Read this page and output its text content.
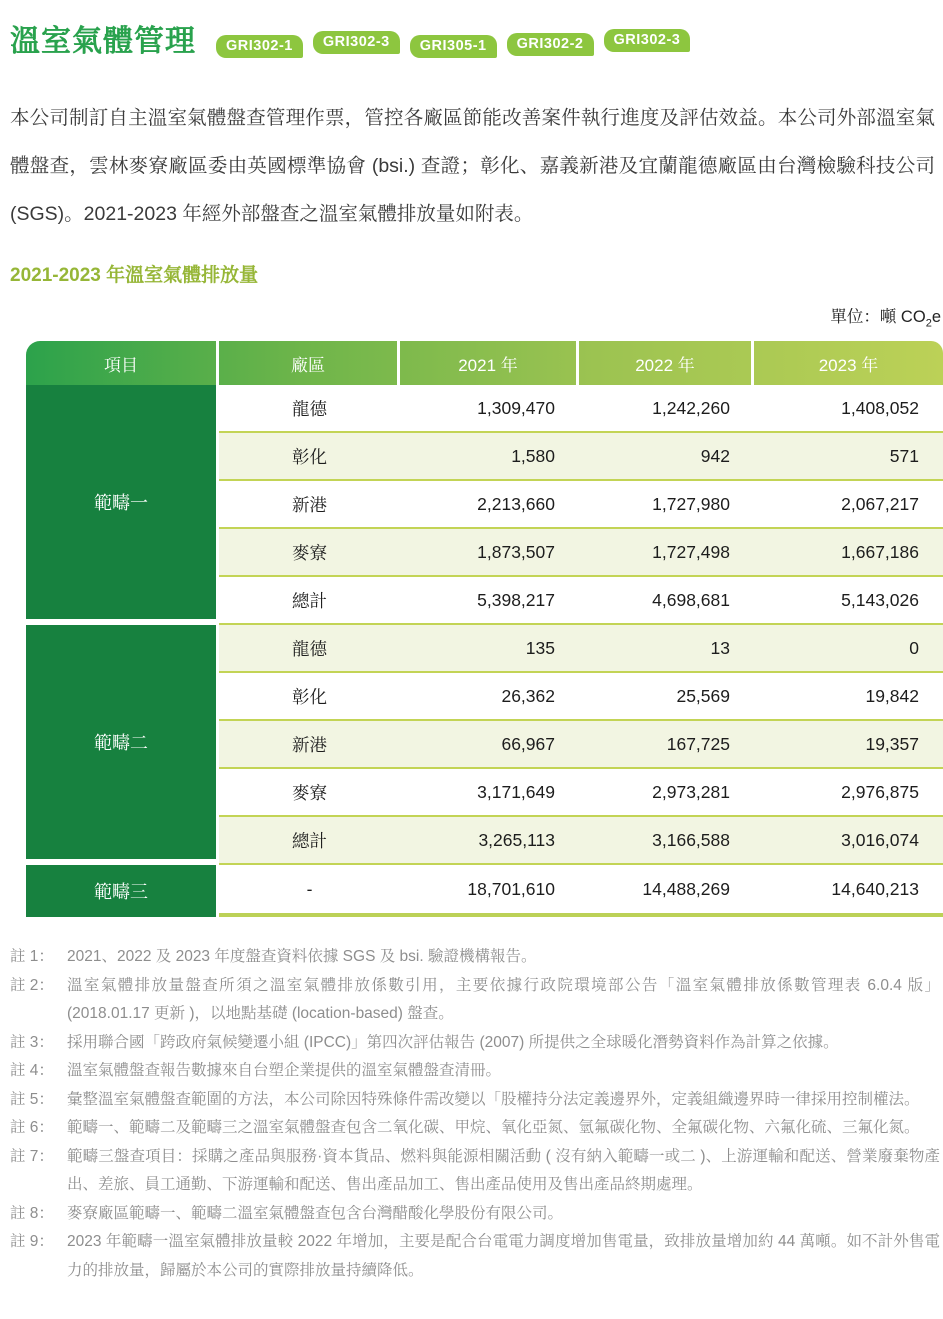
溫室氣體管理	GRI302-1	GRI302-3	GRI305-1	GRI302-2	GRI302-3

本公司制訂自主溫室氣體盤查管理作票，管控各廠區節能改善案件執行進度及評估效益。本公司外部溫室氣體盤查，雲林麥寮廠區委由英國標準協會 (bsi.) 查證；彰化、嘉義新港及宜蘭龍德廠區由台灣檢驗科技公司 (SGS)。2021-2023 年經外部盤查之溫室氣體排放量如附表。

2021-2023 年溫室氣體排放量
單位：噸 $CO_2e$
項目	廠區	2021 年	2022 年	2023 年
範疇一
龍德	1,309,470	1,242,260	1,408,052
彰化	1,580	942	571
新港	2,213,660	1,727,980	2,067,217
麥寮	1,873,507	1,727,498	1,667,186
總計	5,398,217	4,698,681	5,143,026
範疇二
龍德	135	13	0
彰化	26,362	25,569	19,842
新港	66,967	167,725	19,357
麥寮	3,171,649	2,973,281	2,976,875
總計	3,265,113	3,166,588	3,016,074
範疇三	-	18,701,610	14,488,269	14,640,213
註 1： 2021、2022 及 2023 年度盤查資料依據 SGS 及 bsi. 驗證機構報告。
註 2： 溫室氣體排放量盤查所須之溫室氣體排放係數引用，主要依據行政院環境部公告「溫室氣體排放係數管理表 6.0.4 版」(2018.01.17 更新 )，以地點基礎 (location-based) 盤查。
註 3： 採用聯合國「跨政府氣候變遷小組 (IPCC)」第四次評估報告 (2007) 所提供之全球暖化潛勢資料作為計算之依據。
註 4： 溫室氣體盤查報告數據來自台塑企業提供的溫室氣體盤查清冊。
註 5： 彙整溫室氣體盤查範圍的方法，本公司除因特殊條件需改變以「股權持分法定義邊界外，定義組織邊界時一律採用控制權法。
註 6： 範疇一、範疇二及範疇三之溫室氣體盤查包含二氧化碳、甲烷、氧化亞氮、氫氟碳化物、全氟碳化物、六氟化硫、三氟化氮。
註 7： 範疇三盤查項目：採購之產品與服務·資本貨品、燃料與能源相關活動 ( 沒有納入範疇一或二 )、上游運輸和配送、營業廢棄物產出、差旅、員工通勤、下游運輸和配送、售出產品加工、售出產品使用及售出產品終期處理。
註 8： 麥寮廠區範疇一、範疇二溫室氣體盤查包含台灣醋酸化學股份有限公司。
註 9： 2023 年範疇一溫室氣體排放量較 2022 年增加，主要是配合台電電力調度增加售電量，致排放量增加約 44 萬噸。如不計外售電力的排放量，歸屬於本公司的實際排放量持續降低。
